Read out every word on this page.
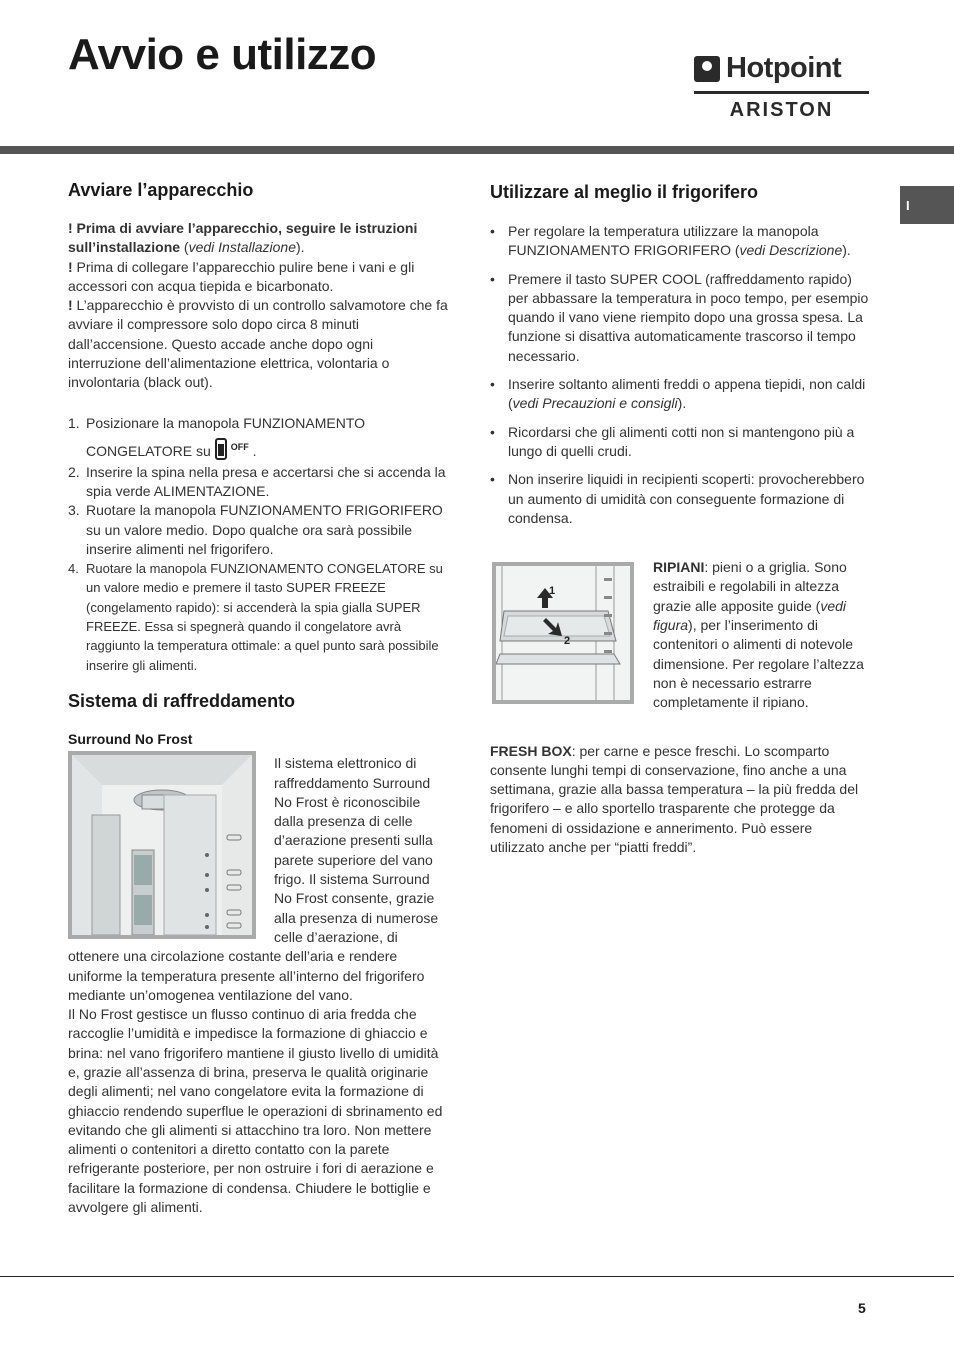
Avvio e utilizzo	Hotpoint
ARISTON
I
Avviare l’apparecchio

! Prima di avviare l’apparecchio, seguire le istruzioni sull’installazione (vedi Installazione).

! Prima di collegare l’apparecchio pulire bene i vani e gli accessori con acqua tiepida e bicarbonato.

! L’apparecchio è provvisto di un controllo salvamotore che fa avviare il compressore solo dopo circa 8 minuti dall’accensione. Questo accade anche dopo ogni interruzione dell’alimentazione elettrica, volontaria o involontaria (black out).

1. Posizionare la manopola FUNZIONAMENTO CONGELATORE su $^{OFF}$ .
2. Inserire la spina nella presa e accertarsi che si accenda la spia verde ALIMENTAZIONE.
3. Ruotare la manopola FUNZIONAMENTO FRIGORIFERO su un valore medio. Dopo qualche ora sarà possibile inserire alimenti nel frigorifero.
4. Ruotare la manopola FUNZIONAMENTO CONGELATORE su un valore medio e premere il tasto SUPER FREEZE (congelamento rapido): si accenderà la spia gialla SUPER FREEZE. Essa si spegnerà quando il congelatore avrà raggiunto la temperatura ottimale: a quel punto sarà possibile inserire gli alimenti.
Sistema di raffreddamento
Surround No Frost

Il sistema elettronico di raffreddamento Surround No Frost è riconoscibile dalla presenza di celle d’aerazione presenti sulla parete superiore del vano frigo. Il sistema Surround No Frost consente, grazie alla presenza di numerose celle d’aerazione, di ottenere una circolazione costante dell’aria e rendere uniforme la temperatura presente all’interno del frigorifero mediante un’omogenea ventilazione del vano.

Il No Frost gestisce un flusso continuo di aria fredda che raccoglie l’umidità e impedisce la formazione di ghiaccio e brina: nel vano frigorifero mantiene il giusto livello di umidità e, grazie all’assenza di brina, preserva le qualità originarie degli alimenti; nel vano congelatore evita la formazione di ghiaccio rendendo superflue le operazioni di sbrinamento ed evitando che gli alimenti si attacchino tra loro. Non mettere alimenti o contenitori a diretto contatto con la parete refrigerante posteriore, per non ostruire i fori di aerazione e facilitare la formazione di condensa. Chiudere le bottiglie e avvolgere gli alimenti.

Utilizzare al meglio il frigorifero
• Per regolare la temperatura utilizzare la manopola FUNZIONAMENTO FRIGORIFERO (vedi Descrizione).
• Premere il tasto SUPER COOL (raffreddamento rapido) per abbassare la temperatura in poco tempo, per esempio quando il vano viene riempito dopo una grossa spesa. La funzione si disattiva automaticamente trascorso il tempo necessario.
• Inserire soltanto alimenti freddi o appena tiepidi, non caldi (vedi Precauzioni e consigli).
• Ricordarsi che gli alimenti cotti non si mantengono più a lungo di quelli crudi.
• Non inserire liquidi in recipienti scoperti: provocherebbero un aumento di umidità con conseguente formazione di condensa.
1
2

RIPIANI: pieni o a griglia. Sono estraibili e regolabili in altezza grazie alle apposite guide (vedi figura), per l’inserimento di contenitori o alimenti di notevole dimensione. Per regolare l’altezza non è necessario estrarre completamente il ripiano.

FRESH BOX: per carne e pesce freschi. Lo scomparto consente lunghi tempi di conservazione, fino anche a una settimana, grazie alla bassa temperatura – la più fredda del frigorifero – e allo sportello trasparente che protegge da fenomeni di ossidazione e annerimento. Può essere utilizzato anche per “piatti freddi”.

5
